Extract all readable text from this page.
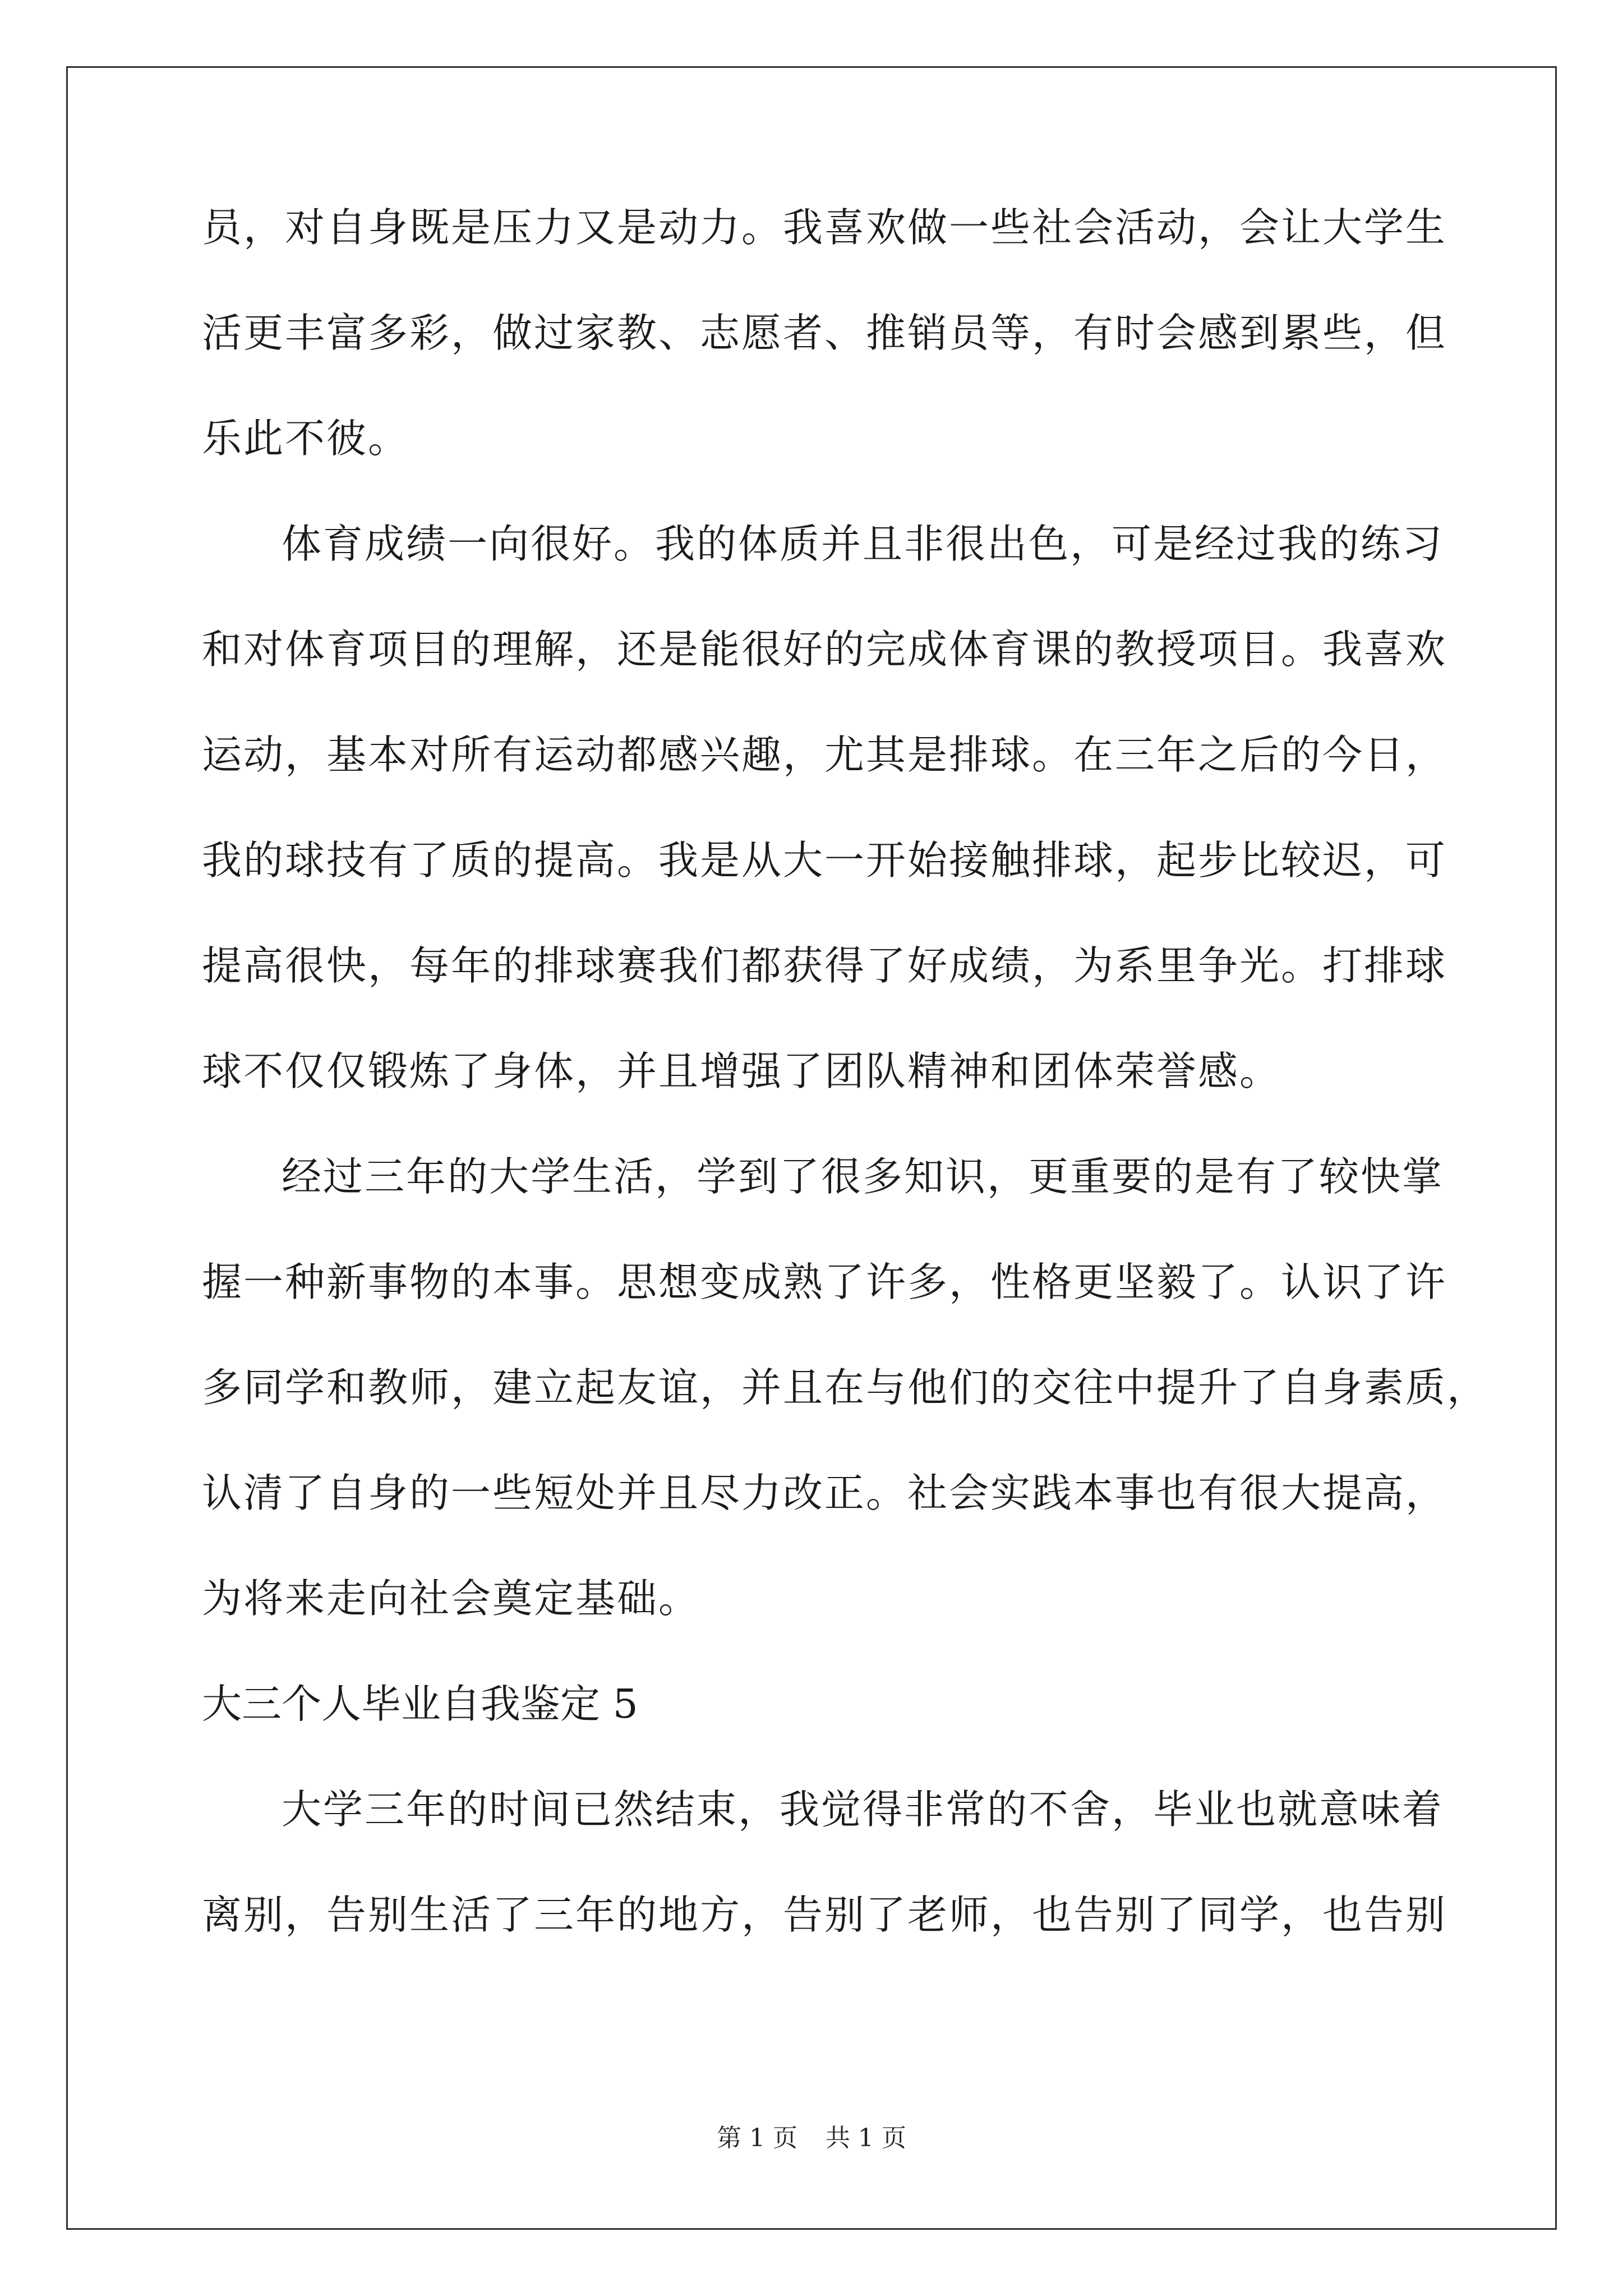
员，对自身既是压力又是动力。我喜欢做一些社会活动，会让大学生
活更丰富多彩，做过家教、志愿者、推销员等，有时会感到累些，但
乐此不彼。
体育成绩一向很好。我的体质并且非很出色，可是经过我的练习
和对体育项目的理解，还是能很好的完成体育课的教授项目。我喜欢
运动，基本对所有运动都感兴趣，尤其是排球。在三年之后的今日，
我的球技有了质的提高。我是从大一开始接触排球，起步比较迟，可
提高很快，每年的排球赛我们都获得了好成绩，为系里争光。打排球
球不仅仅锻炼了身体，并且增强了团队精神和团体荣誉感。
经过三年的大学生活，学到了很多知识，更重要的是有了较快掌
握一种新事物的本事。思想变成熟了许多，性格更坚毅了。认识了许
多同学和教师，建立起友谊，并且在与他们的交往中提升了自身素质，
认清了自身的一些短处并且尽力改正。社会实践本事也有很大提高，
为将来走向社会奠定基础。
大三个人毕业自我鉴定 5
大学三年的时间已然结束，我觉得非常的不舍，毕业也就意味着
离别，告别生活了三年的地方，告别了老师，也告别了同学，也告别
第 1 页 共 1 页
